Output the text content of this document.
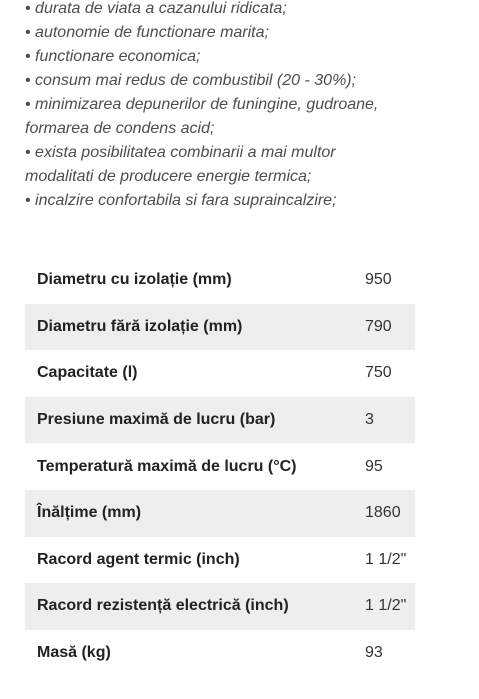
• durata de viata a cazanului ridicata;
• autonomie de functionare marita;
• functionare economica;
• consum mai redus de combustibil (20 - 30%);
• minimizarea depunerilor de funingine, gudroane,
formarea de condens acid;
• exista posibilitatea combinarii a mai multor
modalitati de producere energie termica;
• incalzire confortabila si fara supraincalzire;
Diametru cu izolație (mm)	950
Diametru fără izolație (mm)	790
Capacitate (l)	750
Presiune maximă de lucru (bar)	3
Temperatură maximă de lucru (°C)	95
Înălțime (mm)	1860
Racord agent termic (inch)	1 1/2"
Racord rezistență electrică (inch)	1 1/2"
Masă (kg)	93
